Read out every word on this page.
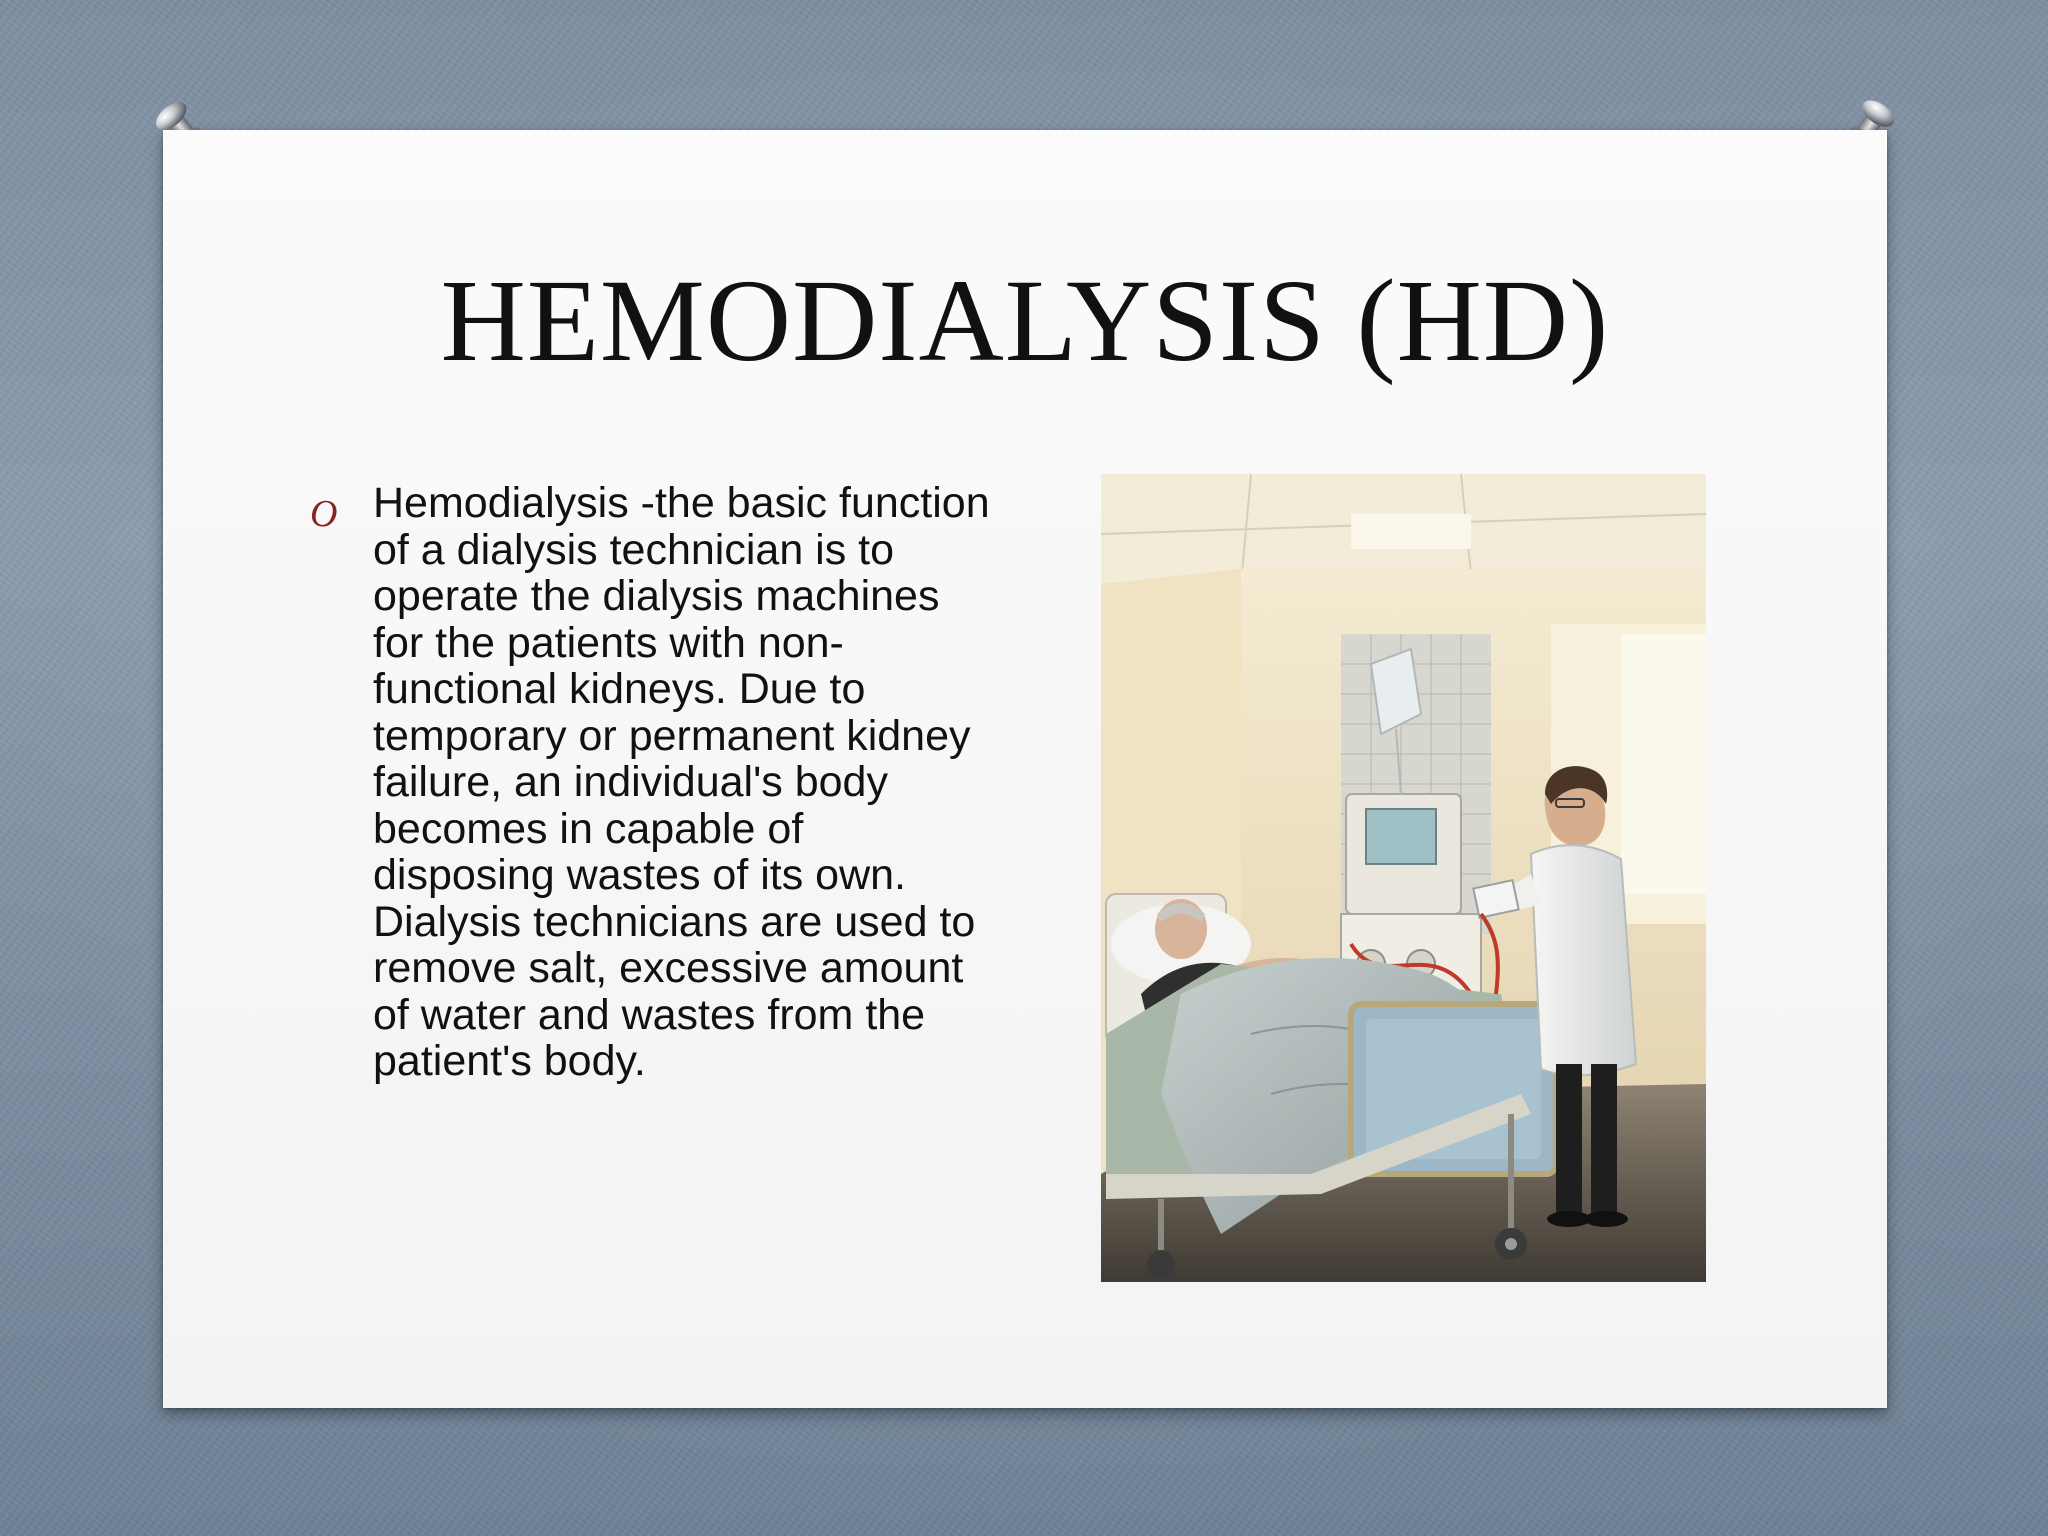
HEMODIALYSIS (HD)
O Hemodialysis -the basic function of a dialysis technician is to operate the dialysis machines for the patients with non- functional kidneys. Due to temporary or permanent kidney failure, an individual's body becomes in capable of disposing wastes of its own. Dialysis technicians are used to remove salt, excessive amount of water and wastes from the patient's body.
